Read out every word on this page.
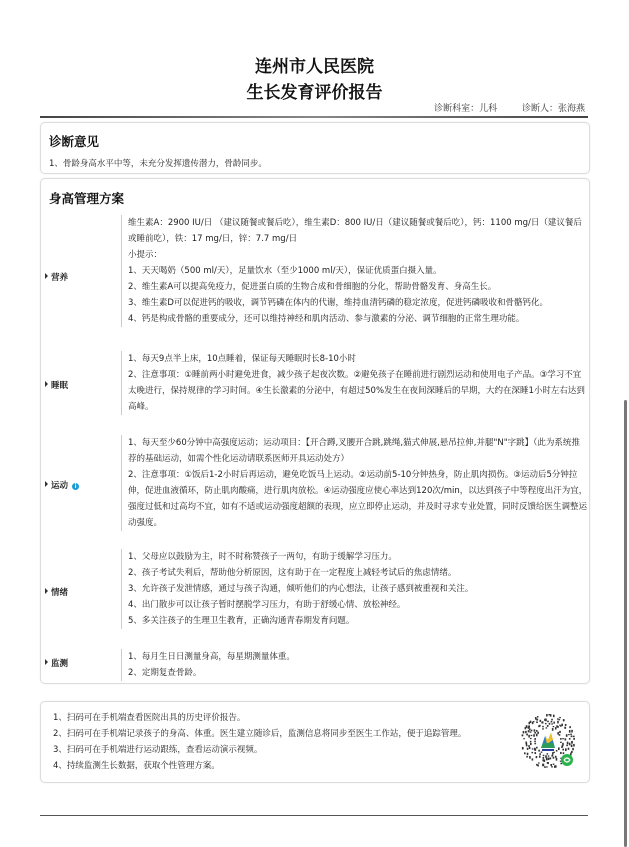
连州市人民医院
生长发育评价报告
诊断科室：儿科	诊断人：张海燕
诊断意见
1、骨龄身高水平中等，未充分发挥遗传潜力，骨龄同步。
身高管理方案
营养

维生素A：2900 IU/日 （建议随餐或餐后吃），维生素D：800 IU/日（建议随餐或餐后吃），钙：1100 mg/日（建议餐后或睡前吃），铁：17 mg/日，锌：7.7 mg/日

小提示：

1、天天喝奶（500 ml/天），足量饮水（至少1000 ml/天），保证优质蛋白摄入量。

2、维生素A可以提高免疫力，促进蛋白质的生物合成和骨细胞的分化，帮助骨骼发育、身高生长。

3、维生素D可以促进钙的吸收，调节钙磷在体内的代谢，维持血清钙磷的稳定浓度，促进钙磷吸收和骨骼钙化。

4、钙是构成骨骼的重要成分，还可以维持神经和肌肉活动、参与激素的分泌、调节细胞的正常生理功能。

睡眠

1、每天9点半上床，10点睡着，保证每天睡眠时长8-10小时

2、注意事项：①睡前两小时避免进食，减少孩子起夜次数。②避免孩子在睡前进行剧烈运动和使用电子产品。③学习不宜太晚进行，保持规律的学习时间。④生长激素的分泌中，有超过50%发生在夜间深睡后的早期，大约在深睡1小时左右达到高峰。

运动 i

1、每天至少60分钟中高强度运动；运动项目：【开合蹲,叉腰开合跳,跳绳,猫式伸展,悬吊拉伸,并腿"N"字跳】（此为系统推荐的基础运动，如需个性化运动请联系医师开具运动处方）

2、注意事项：①饭后1-2小时后再运动，避免吃饭马上运动。②运动前5-10分钟热身，防止肌肉损伤。③运动后5分钟拉伸，促进血液循环，防止肌肉酸痛，进行肌肉放松。④运动强度应使心率达到120次/min，以达到孩子中等程度出汗为宜，强度过低和过高均不宜，如有不适或运动强度超额的表现，应立即停止运动，并及时寻求专业处置，同时反馈给医生调整运动强度。

情绪

1、父母应以鼓励为主，时不时称赞孩子一两句，有助于缓解学习压力。

2、孩子考试失利后，帮助他分析原因，这有助于在一定程度上减轻考试后的焦虑情绪。

3、允许孩子发泄情感，通过与孩子沟通，倾听他们的内心想法，让孩子感到被重视和关注。

4、出门散步可以让孩子暂时摆脱学习压力，有助于舒缓心情、放松神经。

5、多关注孩子的生理卫生教育，正确沟通青春期发育问题。

监测

1、每月生日日测量身高，每星期测量体重。

2、定期复查骨龄。

1、扫码可在手机端查看医院出具的历史评价报告。

2、扫码可在手机端记录孩子的身高、体重。医生建立随诊后，监测信息将同步至医生工作站，便于追踪管理。

3、扫码可在手机端进行运动跟练，查看运动演示视频。

4、持续监测生长数据，获取个性管理方案。
